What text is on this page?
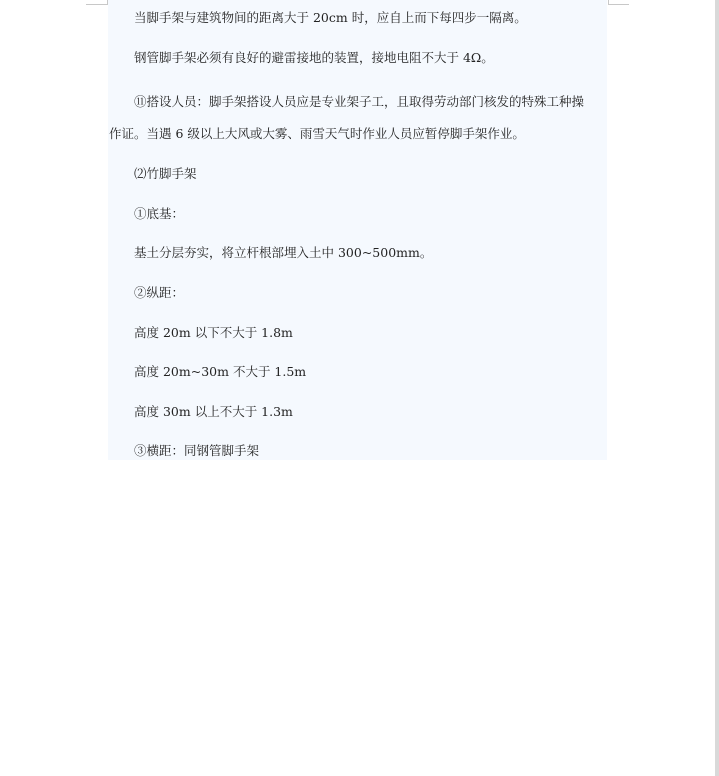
当脚手架与建筑物间的距离大于 20cm 时，应自上而下每四步一隔离。

钢管脚手架必须有良好的避雷接地的装置，接地电阻不大于 4Ω。

⑪搭设人员：脚手架搭设人员应是专业架子工，且取得劳动部门核发的特殊工种操

作证。当遇 6 级以上大风或大雾、雨雪天气时作业人员应暂停脚手架作业。

⑵竹脚手架

①底基：

基土分层夯实，将立杆根部埋入土中 300~500mm。

②纵距：

高度 20m 以下不大于 1.8m

高度 20m~30m 不大于 1.5m

高度 30m 以上不大于 1.3m

③横距：同钢管脚手架
